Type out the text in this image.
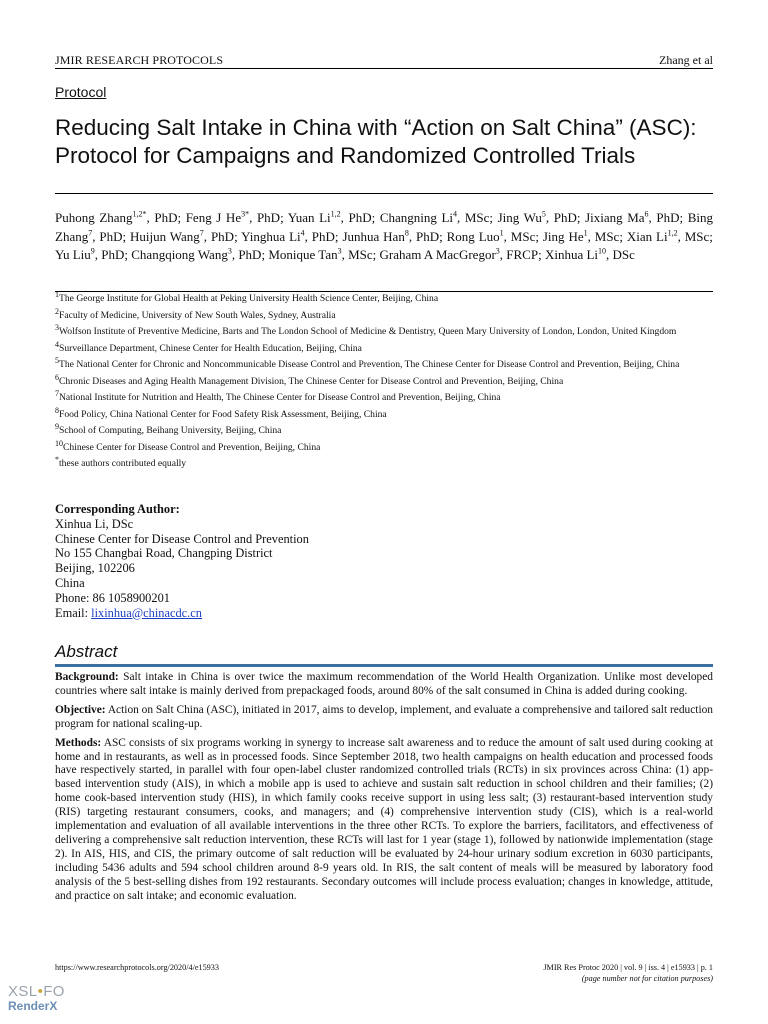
JMIR RESEARCH PROTOCOLS	Zhang et al
Protocol
Reducing Salt Intake in China with “Action on Salt China” (ASC): Protocol for Campaigns and Randomized Controlled Trials
Puhong Zhang$^{1,2*}$, PhD; Feng J $He^{3*}$, PhD; Yuan Li$^{1,2}$, PhD; Changning Li$^4$, MSc; Jing Wu$^5$, PhD; Jixiang Ma$^6$, PhD; Bing Zhang$^7$, PhD; Huijun Wang$^7$, PhD; Yinghua Li$^4$, PhD; Junhua Han$^8$, PhD; Rong Luo$^1$, MSc; Jing He$^1$, MSc; Xian Li$^{1,2}$, MSc; Yu Liu$^9$, PhD; Changqiong Wang$^3$, PhD; Monique Tan$^3$, MSc; Graham A MacGregor$^3$, FRCP; Xinhua Li$^{10}$, DSc
$^1$The George Institute for Global Health at Peking University Health Science Center, Beijing, China
$^2$Faculty of Medicine, University of New South Wales, Sydney, Australia
$^3$Wolfson Institute of Preventive Medicine, Barts and The London School of Medicine & Dentistry, Queen Mary University of London, London, United Kingdom
$^4$Surveillance Department, Chinese Center for Health Education, Beijing, China
$^5$The National Center for Chronic and Noncommunicable Disease Control and Prevention, The Chinese Center for Disease Control and Prevention, Beijing, China
$^6$Chronic Diseases and Aging Health Management Division, The Chinese Center for Disease Control and Prevention, Beijing, China
$^7$National Institute for Nutrition and Health, The Chinese Center for Disease Control and Prevention, Beijing, China
$^8$Food Policy, China National Center for Food Safety Risk Assessment, Beijing, China
$^9$School of Computing, Beihang University, Beijing, China
$^{10}$Chinese Center for Disease Control and Prevention, Beijing, China
*these authors contributed equally
Corresponding Author:
Xinhua Li, DSc
Chinese Center for Disease Control and Prevention
No 155 Changbai Road, Changping District
Beijing, 102206
China
Phone: 86 1058900201
Email: lixinhua@chinacdc.cn
Abstract

Background: Salt intake in China is over twice the maximum recommendation of the World Health Organization. Unlike most developed countries where salt intake is mainly derived from prepackaged foods, around 80% of the salt consumed in China is added during cooking.

Objective: Action on Salt China (ASC), initiated in 2017, aims to develop, implement, and evaluate a comprehensive and tailored salt reduction program for national scaling-up.

Methods: ASC consists of six programs working in synergy to increase salt awareness and to reduce the amount of salt used during cooking at home and in restaurants, as well as in processed foods. Since September 2018, two health campaigns on health education and processed foods have respectively started, in parallel with four open-label cluster randomized controlled trials (RCTs) in six provinces across China: (1) app-based intervention study (AIS), in which a mobile app is used to achieve and sustain salt reduction in school children and their families; (2) home cook-based intervention study (HIS), in which family cooks receive support in using less salt; (3) restaurant-based intervention study (RIS) targeting restaurant consumers, cooks, and managers; and (4) comprehensive intervention study (CIS), which is a real-world implementation and evaluation of all available interventions in the three other RCTs. To explore the barriers, facilitators, and effectiveness of delivering a comprehensive salt reduction intervention, these RCTs will last for 1 year (stage 1), followed by nationwide implementation (stage 2). In AIS, HIS, and CIS, the primary outcome of salt reduction will be evaluated by 24-hour urinary sodium excretion in 6030 participants, including 5436 adults and 594 school children around 8-9 years old. In RIS, the salt content of meals will be measured by laboratory food analysis of the 5 best-selling dishes from 192 restaurants. Secondary outcomes will include process evaluation; changes in knowledge, attitude, and practice on salt intake; and economic evaluation.

https://www.researchprotocols.org/2020/4/e15933	JMIR Res Protoc 2020 | vol. 9 | iss. 4 | e15933 | p. 1
(page number not for citation purposes)
XSL•FO
RenderX
